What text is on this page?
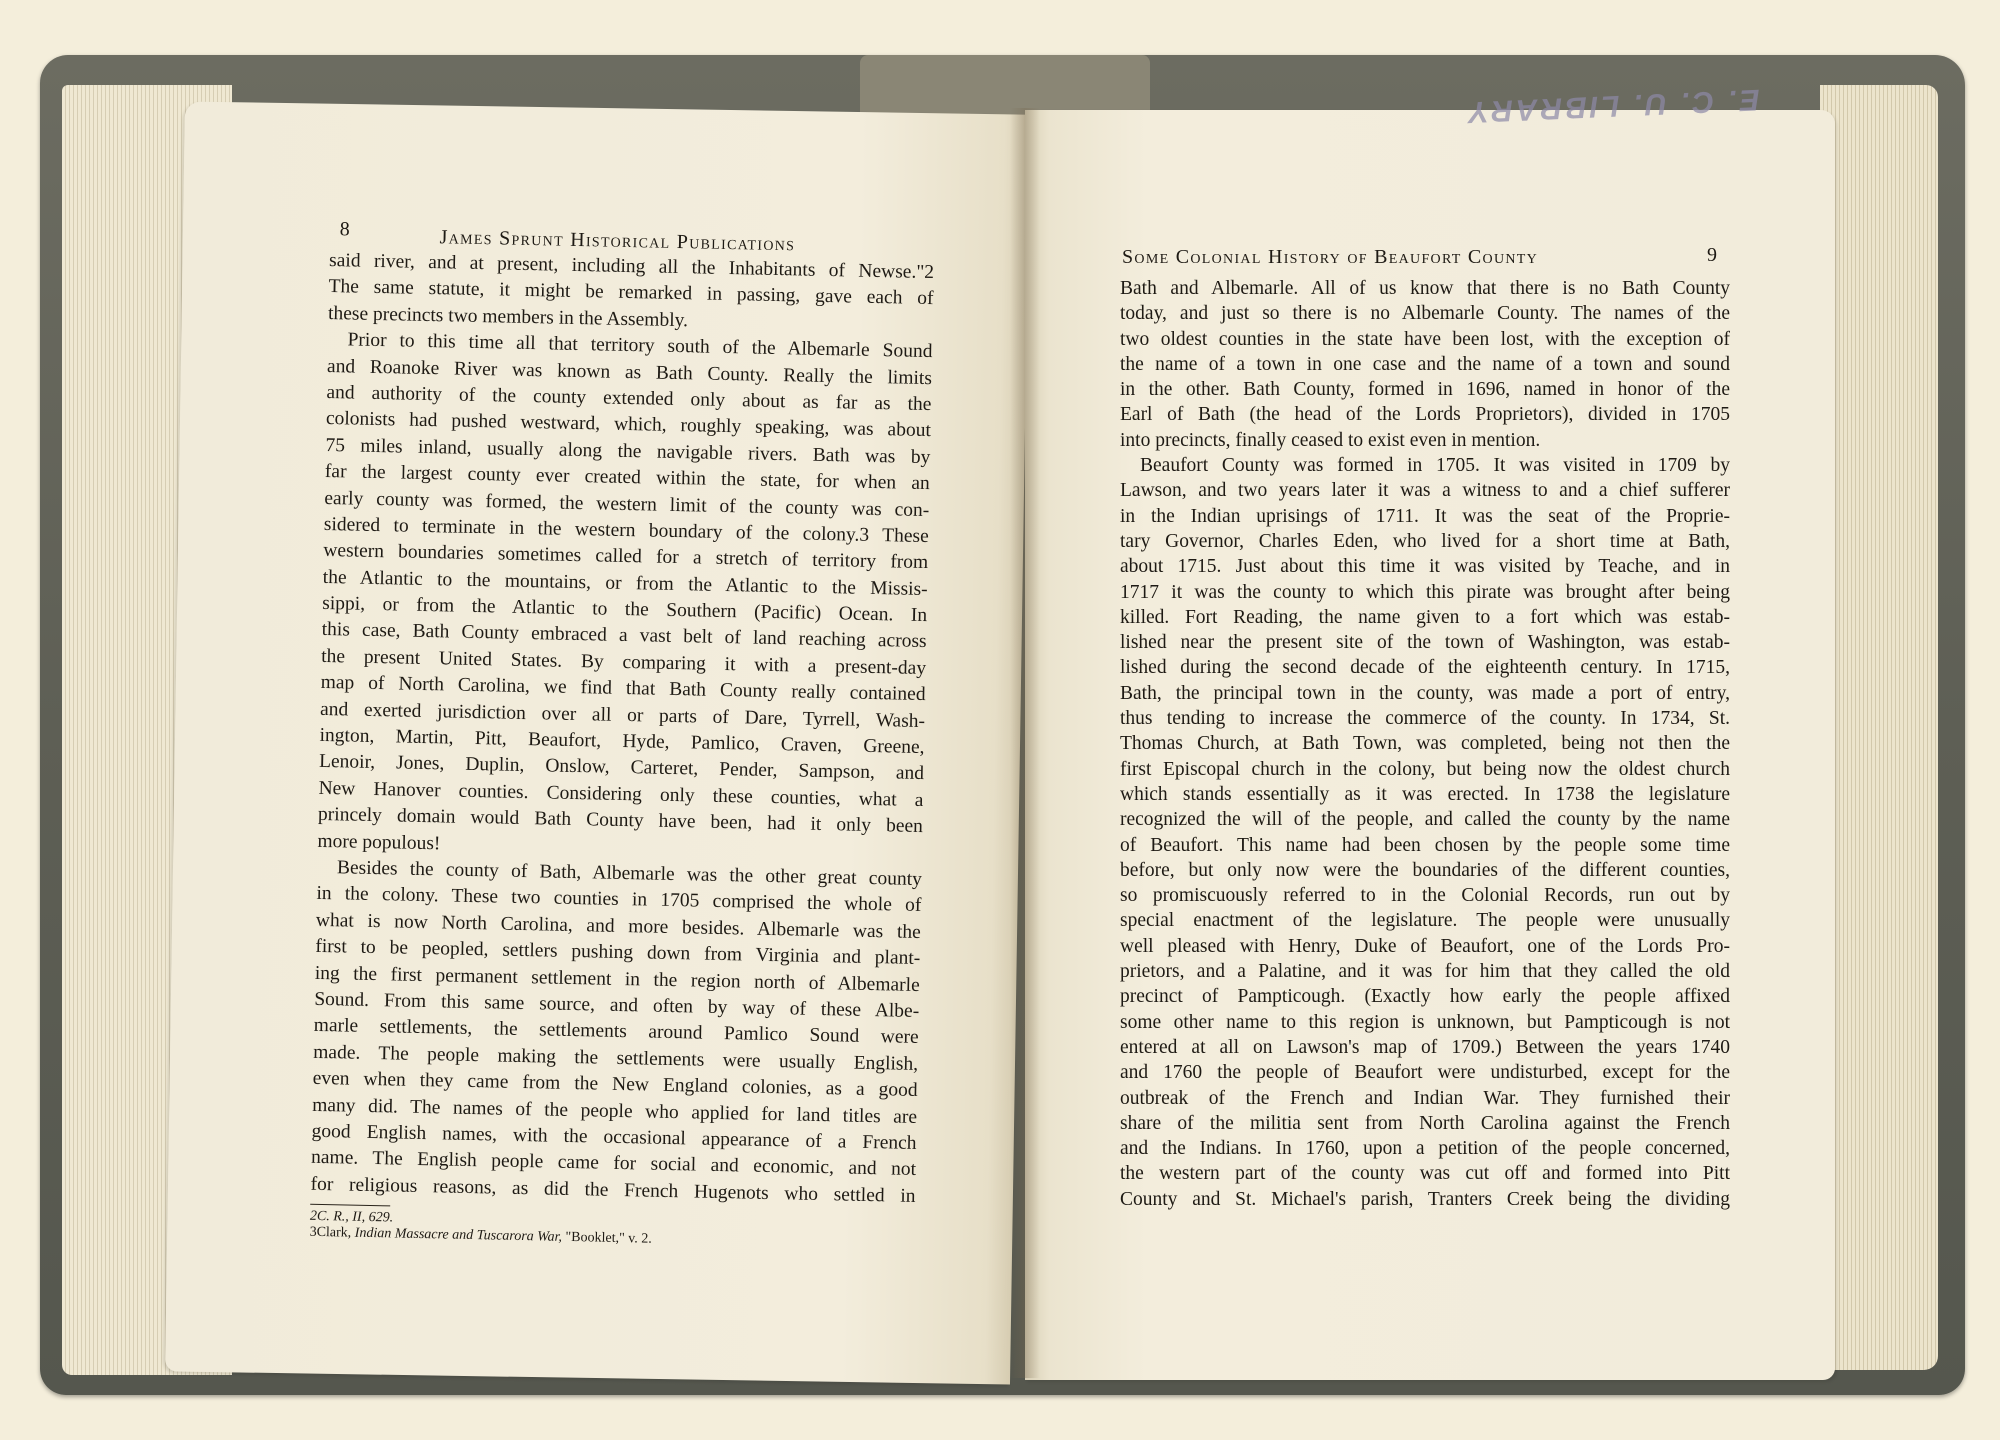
E. C. U. LIBRARY
8	James Sprunt Historical Publications
said river, and at present, including all the Inhabitants of Newse."2
The same statute, it might be remarked in passing, gave each of
these precincts two members in the Assembly.
Prior to this time all that territory south of the Albemarle Sound
and Roanoke River was known as Bath County. Really the limits
and authority of the county extended only about as far as the
colonists had pushed westward, which, roughly speaking, was about
75 miles inland, usually along the navigable rivers. Bath was by
far the largest county ever created within the state, for when an
early county was formed, the western limit of the county was con-
sidered to terminate in the western boundary of the colony.3 These
western boundaries sometimes called for a stretch of territory from
the Atlantic to the mountains, or from the Atlantic to the Missis-
sippi, or from the Atlantic to the Southern (Pacific) Ocean. In
this case, Bath County embraced a vast belt of land reaching across
the present United States. By comparing it with a present-day
map of North Carolina, we find that Bath County really contained
and exerted jurisdiction over all or parts of Dare, Tyrrell, Wash-
ington, Martin, Pitt, Beaufort, Hyde, Pamlico, Craven, Greene,
Lenoir, Jones, Duplin, Onslow, Carteret, Pender, Sampson, and
New Hanover counties. Considering only these counties, what a
princely domain would Bath County have been, had it only been
more populous!
Besides the county of Bath, Albemarle was the other great county
in the colony. These two counties in 1705 comprised the whole of
what is now North Carolina, and more besides. Albemarle was the
first to be peopled, settlers pushing down from Virginia and plant-
ing the first permanent settlement in the region north of Albemarle
Sound. From this same source, and often by way of these Albe-
marle settlements, the settlements around Pamlico Sound were
made. The people making the settlements were usually English,
even when they came from the New England colonies, as a good
many did. The names of the people who applied for land titles are
good English names, with the occasional appearance of a French
name. The English people came for social and economic, and not
for religious reasons, as did the French Hugenots who settled in
2C. R., II, 629.
3Clark, Indian Massacre and Tuscarora War, "Booklet," v. 2.
Some Colonial History of Beaufort County	9
Bath and Albemarle. All of us know that there is no Bath County
today, and just so there is no Albemarle County. The names of the
two oldest counties in the state have been lost, with the exception of
the name of a town in one case and the name of a town and sound
in the other. Bath County, formed in 1696, named in honor of the
Earl of Bath (the head of the Lords Proprietors), divided in 1705
into precincts, finally ceased to exist even in mention.
Beaufort County was formed in 1705. It was visited in 1709 by
Lawson, and two years later it was a witness to and a chief sufferer
in the Indian uprisings of 1711. It was the seat of the Proprie-
tary Governor, Charles Eden, who lived for a short time at Bath,
about 1715. Just about this time it was visited by Teache, and in
1717 it was the county to which this pirate was brought after being
killed. Fort Reading, the name given to a fort which was estab-
lished near the present site of the town of Washington, was estab-
lished during the second decade of the eighteenth century. In 1715,
Bath, the principal town in the county, was made a port of entry,
thus tending to increase the commerce of the county. In 1734, St.
Thomas Church, at Bath Town, was completed, being not then the
first Episcopal church in the colony, but being now the oldest church
which stands essentially as it was erected. In 1738 the legislature
recognized the will of the people, and called the county by the name
of Beaufort. This name had been chosen by the people some time
before, but only now were the boundaries of the different counties,
so promiscuously referred to in the Colonial Records, run out by
special enactment of the legislature. The people were unusually
well pleased with Henry, Duke of Beaufort, one of the Lords Pro-
prietors, and a Palatine, and it was for him that they called the old
precinct of Pampticough. (Exactly how early the people affixed
some other name to this region is unknown, but Pampticough is not
entered at all on Lawson's map of 1709.) Between the years 1740
and 1760 the people of Beaufort were undisturbed, except for the
outbreak of the French and Indian War. They furnished their
share of the militia sent from North Carolina against the French
and the Indians. In 1760, upon a petition of the people concerned,
the western part of the county was cut off and formed into Pitt
County and St. Michael's parish, Tranters Creek being the dividing
